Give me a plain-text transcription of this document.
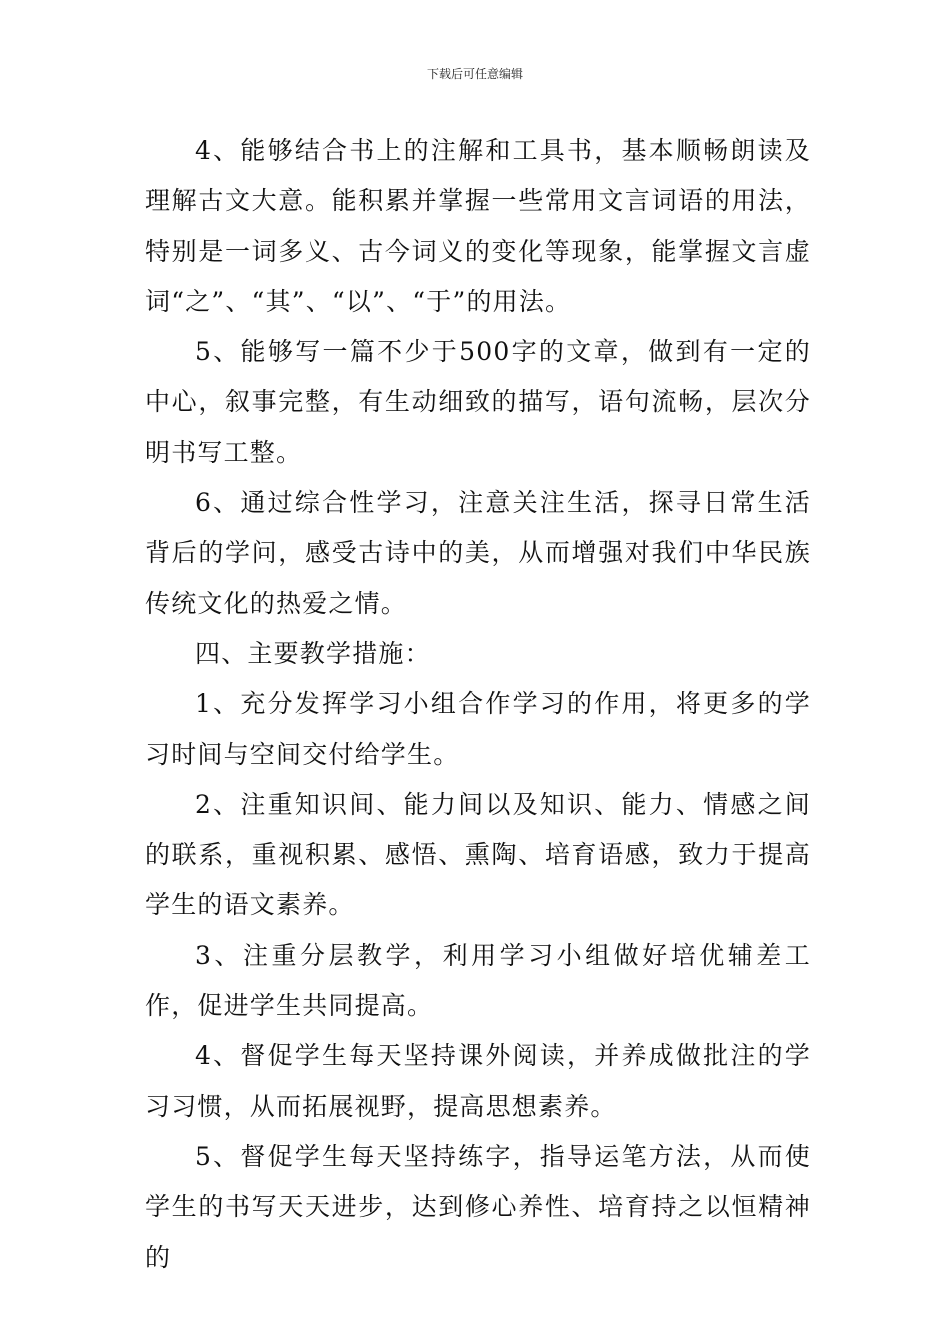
下载后可任意编辑

4、能够结合书上的注解和工具书，基本顺畅朗读及理解古文大意。能积累并掌握一些常用文言词语的用法，特别是一词多义、古今词义的变化等现象，能掌握文言虚词“之”、“其”、“以”、“于”的用法。

5、能够写一篇不少于500字的文章，做到有一定的中心，叙事完整，有生动细致的描写，语句流畅，层次分明书写工整。

6、通过综合性学习，注意关注生活，探寻日常生活背后的学问，感受古诗中的美，从而增强对我们中华民族传统文化的热爱之情。

四、主要教学措施：

1、充分发挥学习小组合作学习的作用，将更多的学习时间与空间交付给学生。

2、注重知识间、能力间以及知识、能力、情感之间的联系，重视积累、感悟、熏陶、培育语感，致力于提高学生的语文素养。

3、注重分层教学，利用学习小组做好培优辅差工作，促进学生共同提高。

4、督促学生每天坚持课外阅读，并养成做批注的学习习惯，从而拓展视野，提高思想素养。

5、督促学生每天坚持练字，指导运笔方法，从而使学生的书写天天进步，达到修心养性、培育持之以恒精神的
